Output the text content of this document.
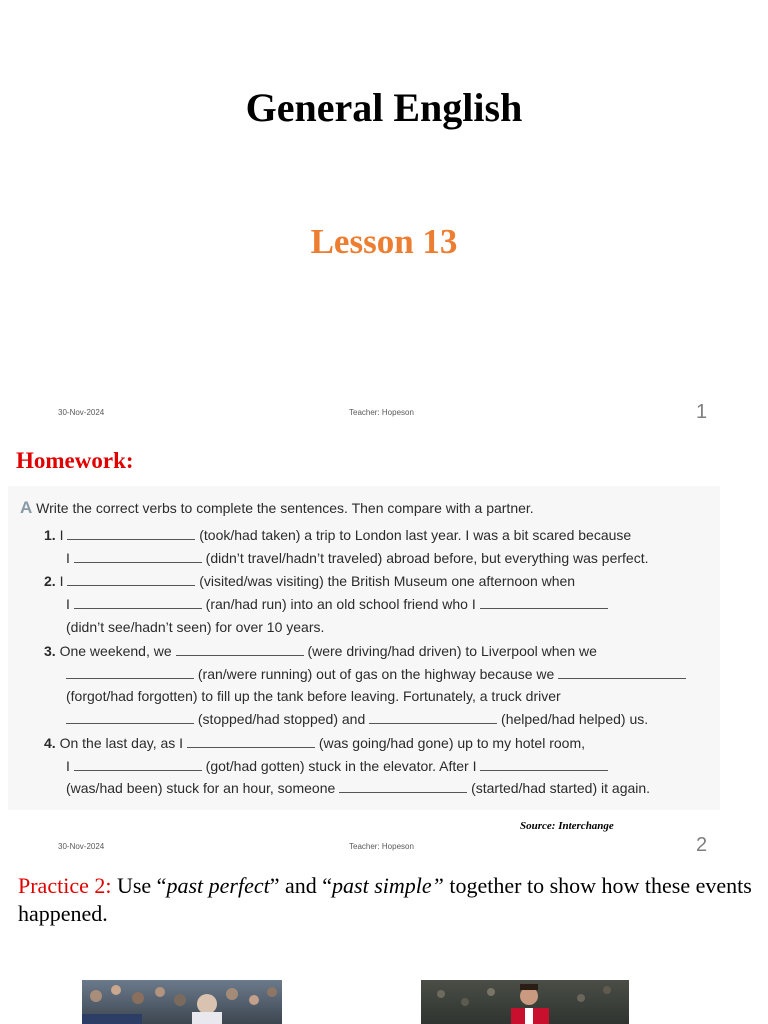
General English
Lesson 13
30-Nov-2024	Teacher: Hopeson	1
Homework:
A Write the correct verbs to complete the sentences. Then compare with a partner.
1. I	(took/had taken) a trip to London last year. I was a bit scared because
I	(didn’t travel/hadn’t traveled) abroad before, but everything was perfect.
2. I	(visited/was visiting) the British Museum one afternoon when
I	(ran/had run) into an old school friend who I
(didn’t see/hadn’t seen) for over 10 years.
3. One weekend, we	(were driving/had driven) to Liverpool when we
(ran/were running) out of gas on the highway because we
(forgot/had forgotten) to fill up the tank before leaving. Fortunately, a truck driver
(stopped/had stopped) and	(helped/had helped) us.
4. On the last day, as I	(was going/had gone) up to my hotel room,
I	(got/had gotten) stuck in the elevator. After I
(was/had been) stuck for an hour, someone	(started/had started) it again.
Source: Interchange
30-Nov-2024	Teacher: Hopeson	2
Practice 2: Use “past perfect” and “past simple” together to show how these events happened.
